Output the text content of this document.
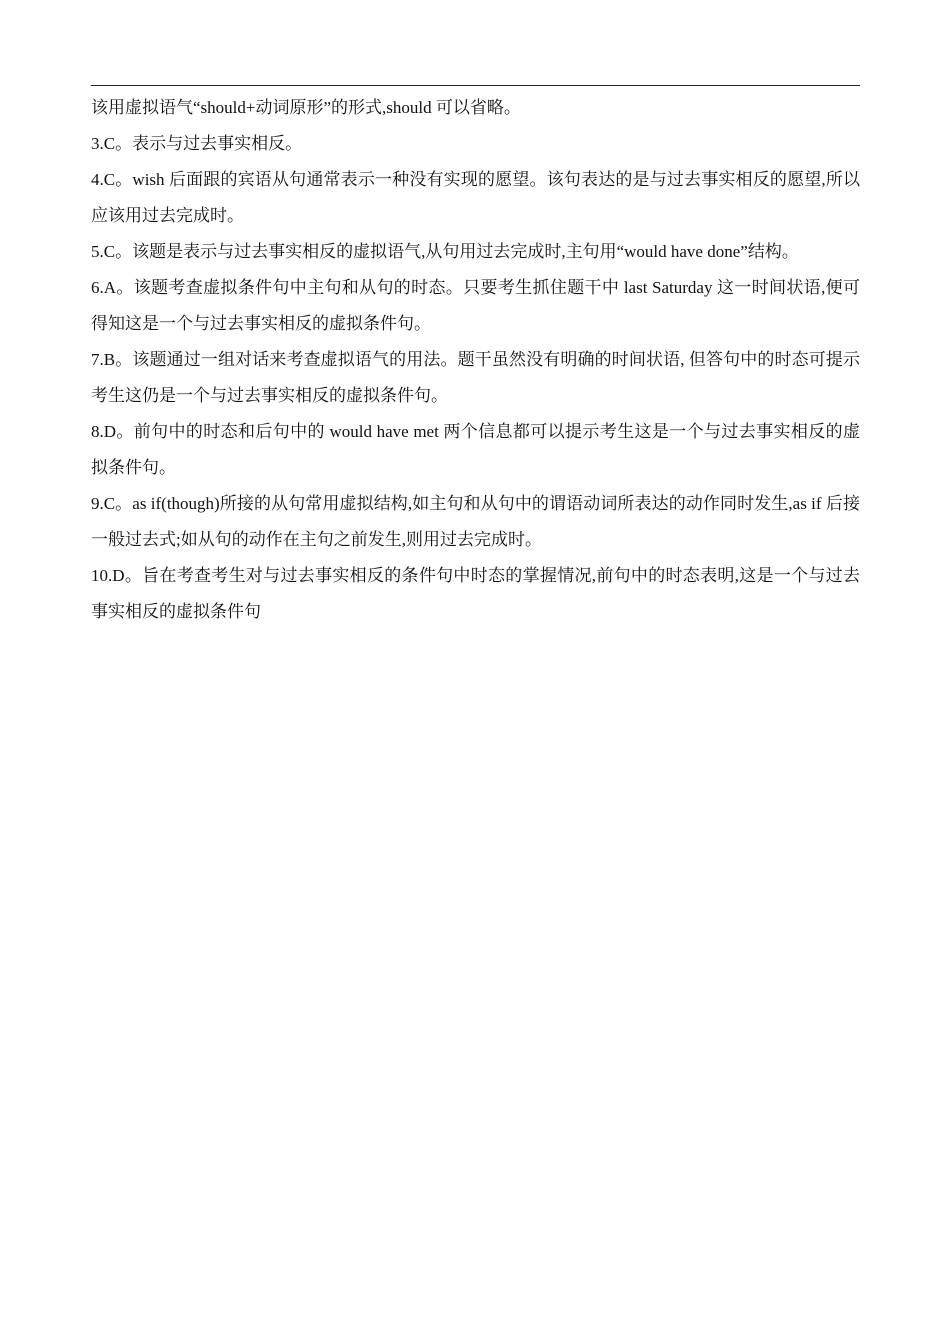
该用虚拟语气“should+动词原形”的形式,should 可以省略。

3.C。表示与过去事实相反。

4.C。wish 后面跟的宾语从句通常表示一种没有实现的愿望。该句表达的是与过去事实相反的愿望,所以应该用过去完成时。

5.C。该题是表示与过去事实相反的虚拟语气,从句用过去完成时,主句用“would have done”结构。

6.A。该题考查虚拟条件句中主句和从句的时态。只要考生抓住题干中 last Saturday 这一时间状语,便可得知这是一个与过去事实相反的虚拟条件句。

7.B。该题通过一组对话来考查虚拟语气的用法。题干虽然没有明确的时间状语, 但答句中的时态可提示考生这仍是一个与过去事实相反的虚拟条件句。

8.D。前句中的时态和后句中的 would have met 两个信息都可以提示考生这是一个与过去事实相反的虚拟条件句。

9.C。as if(though)所接的从句常用虚拟结构,如主句和从句中的谓语动词所表达的动作同时发生,as if 后接一般过去式;如从句的动作在主句之前发生,则用过去完成时。

10.D。旨在考查考生对与过去事实相反的条件句中时态的掌握情况,前句中的时态表明,这是一个与过去事实相反的虚拟条件句
